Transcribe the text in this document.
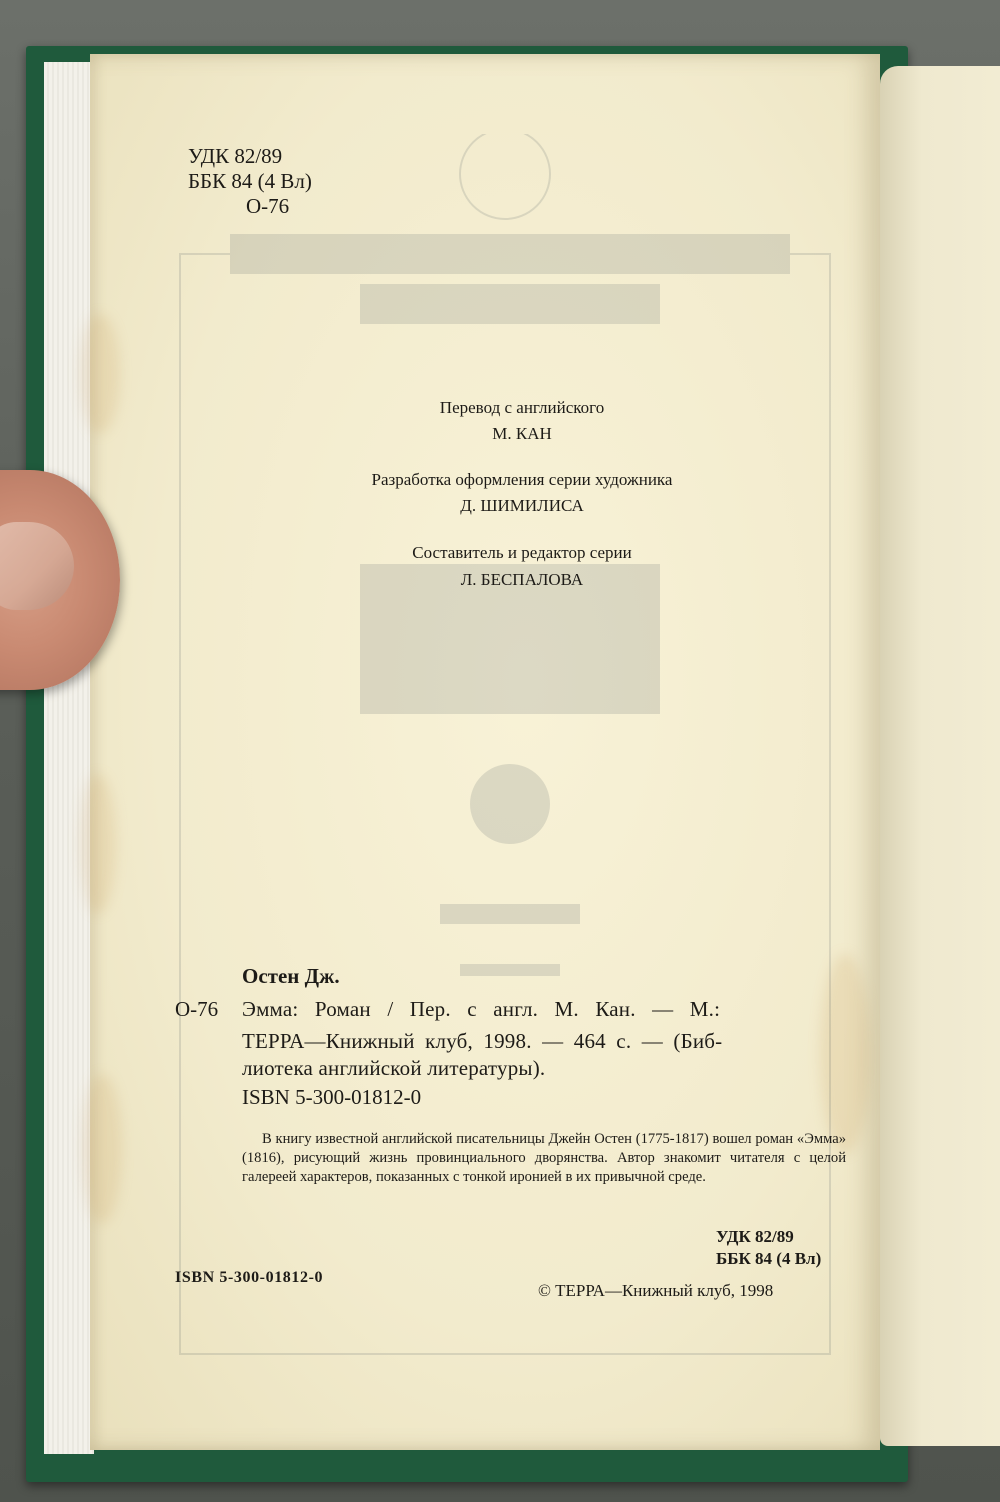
УДК 82/89
ББК 84 (4 Вл)
О-76
Перевод с английского
М. КАН
Разработка оформления серии художника
Д. ШИМИЛИСА
Составитель и редактор серии
Л. БЕСПАЛОВА
Остен Дж.
О-76 Эмма: Роман / Пер. с англ. М. Кан. — М.:
ТЕРРА—Книжный клуб, 1998. — 464 с. — (Биб-
лиотека английской литературы).
ISBN 5-300-01812-0
В книгу известной английской писательницы Джейн Остен (1775-1817) вошел роман «Эмма» (1816), рисующий жизнь провинциального дворянства. Автор знакомит читателя с целой галереей характеров, показанных с тонкой иронией в их привычной среде.
УДК 82/89
ББК 84 (4 Вл)
ISBN 5-300-01812-0
© ТЕРРА—Книжный клуб, 1998
